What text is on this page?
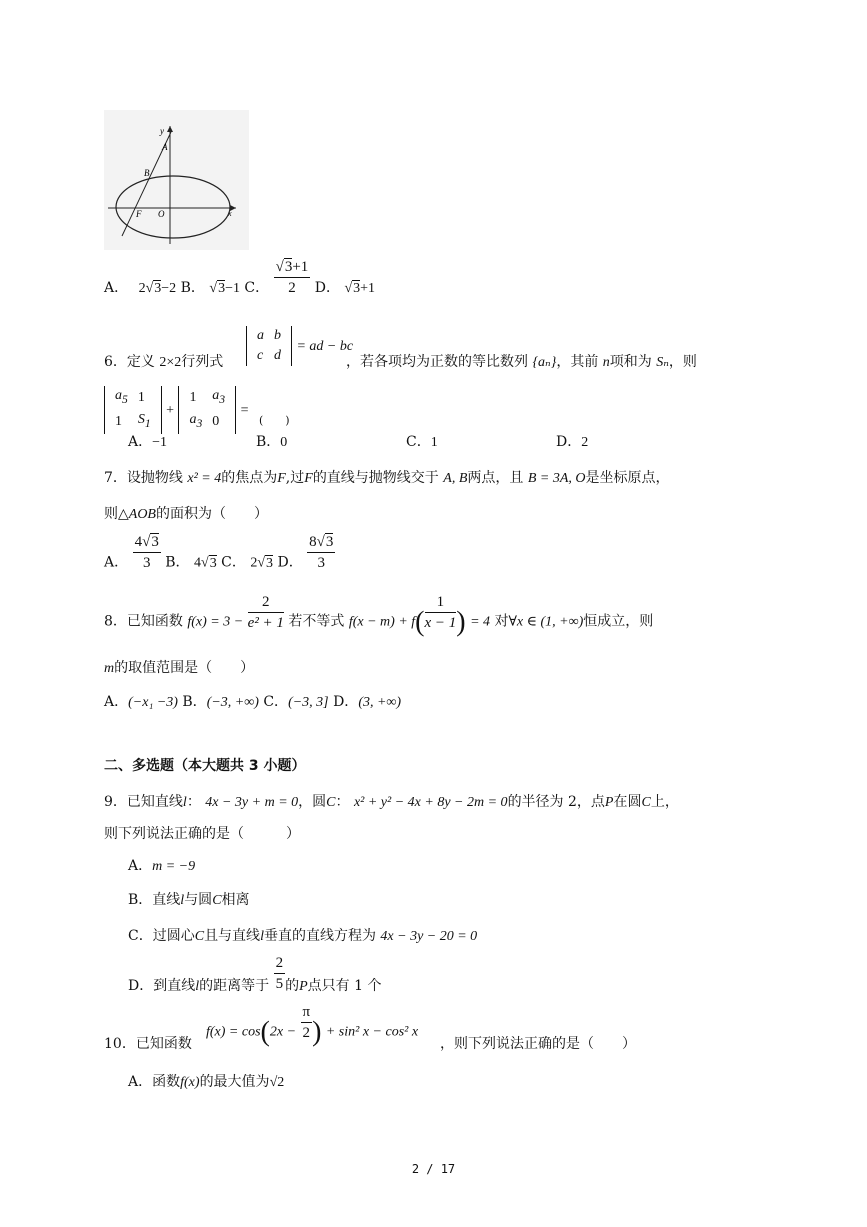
y
A
B
F O	x
A． 2√3−2 B． √3−1 C． $\frac{√3+1}{2}$ D． √3+1
6．定义 2×2行列式
a	b
c	d
= ad − bc
，若各项均为正数的等比数列 {aₙ}，其前 n项和为 Sₙ，则
$a_5$	1
1	$S_1$
+
1	$a_3$
$a_3$	0
= $_{( )}$
A．−1	B．0	C．1	D．2
7．设抛物线 x² = 4的焦点为F,过F的直线与抛物线交于 A, B两点，且 B = 3A, O是坐标原点，
则△AOB的面积为（　　）
A． $\frac{4√3}{3}$ B． 4√3 C． 2√3 D． $\frac{8√3}{3}$
8．已知函数 $f(x) = 3 - \frac{2}{\text{e² + 1}}$ 若不等式 $f(x - m) + f( \frac{1}{x - 1}$ ) = 4 对∀x ∈ (1, +∞)恒成立，则
m的取值范围是（　　）
A．(−x₁ −3) B．(−3, +∞) C．(−3, 3] D．(3, +∞)
二、多选题（本大题共 3 小题）
9．已知直线l： 4x − 3y + m = 0，圆C： x² + y² − 4x + 8y − 2m = 0的半径为 2，点P在圆C上，
则下列说法正确的是（　　　）
A．m = −9
B．直线l与圆C相离
C．过圆心C且与直线l垂直的直线方程为 4x − 3y − 20 = 0
D．到直线l的距离等于 $\frac{2}{5}$ 的P点只有 1 个
10．已知函数
$f(x) = \cos(2x - \frac{\pi}{2}$ ) + sin² x − cos² x
，则下列说法正确的是（　　）
A．函数f(x)的最大值为√2
2 / 17
